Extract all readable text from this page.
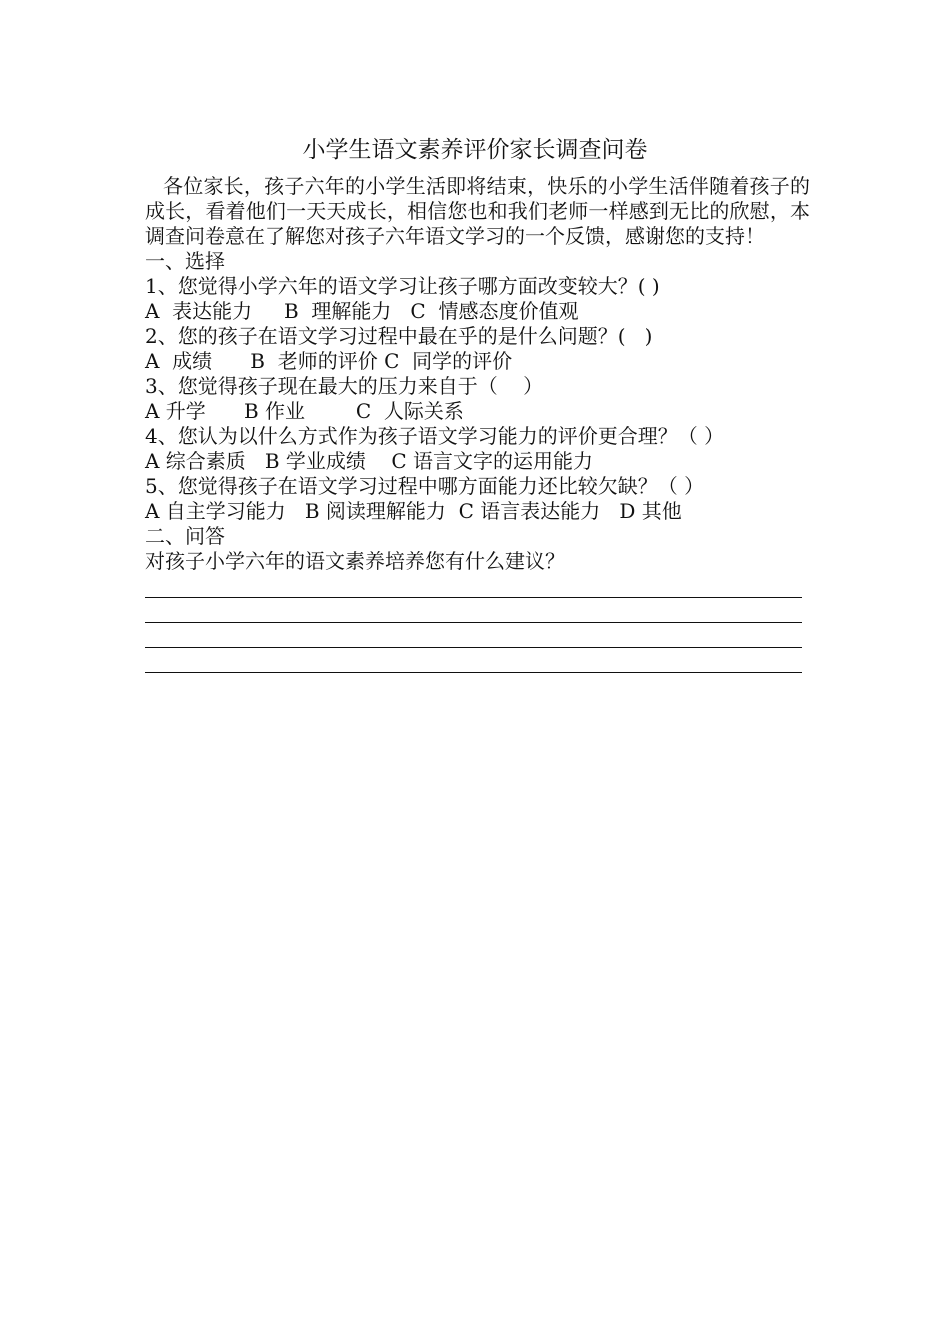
小学生语文素养评价家长调查问卷

各位家长，孩子六年的小学生活即将结束，快乐的小学生活伴随着孩子的成长，看着他们一天天成长，相信您也和我们老师一样感到无比的欣慰，本调查问卷意在了解您对孩子六年语文学习的一个反馈，感谢您的支持！

一、选择

1、您觉得小学六年的语文学习让孩子哪方面改变较大？( )

A  表达能力     B  理解能力   C  情感态度价值观

2、您的孩子在语文学习过程中最在乎的是什么问题？(   )

A  成绩      B  老师的评价 C  同学的评价

3、您觉得孩子现在最大的压力来自于（    ）

A 升学      B 作业        C  人际关系

4、您认为以什么方式作为孩子语文学习能力的评价更合理？（ ）

A 综合素质   B 学业成绩    C 语言文字的运用能力

5、您觉得孩子在语文学习过程中哪方面能力还比较欠缺？（ ）

A 自主学习能力   B 阅读理解能力  C 语言表达能力   D 其他

二、问答

对孩子小学六年的语文素养培养您有什么建议？
